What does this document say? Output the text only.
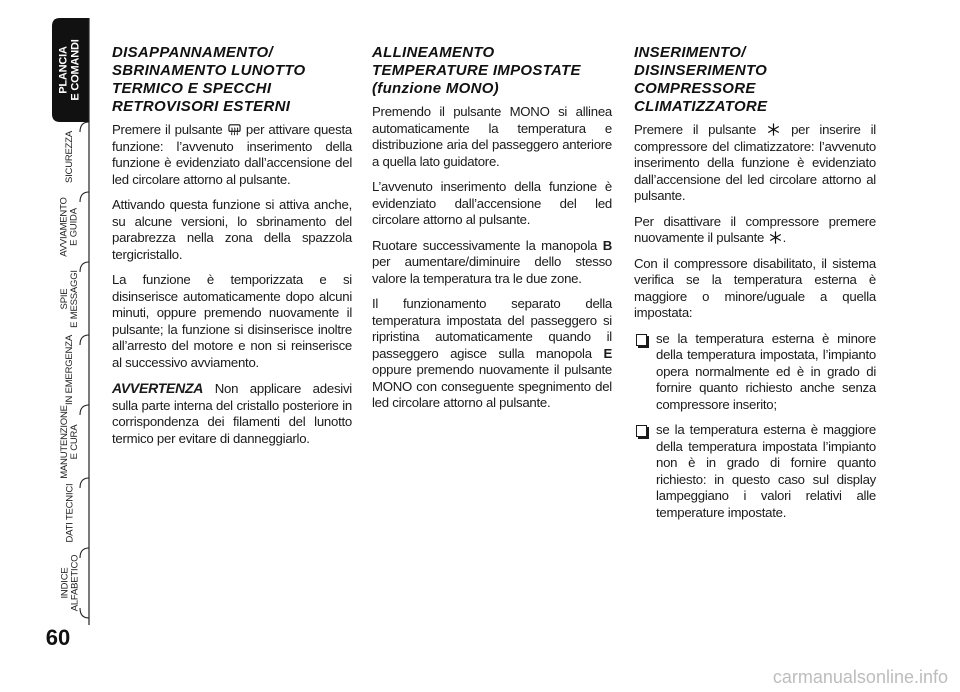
PLANCIA
E COMANDI
SICUREZZA
AVVIAMENTO
E GUIDA
SPIE
E MESSAGGI
IN EMERGENZA
MANUTENZIONE
E CURA
DATI TECNICI
INDICE
ALFABETICO
60
DISAPPANNAMENTO/ SBRINAMENTO LUNOTTO TERMICO E SPECCHI RETROVISORI ESTERNI

Premere il pulsante per attivare questa funzione: l’avvenuto inserimento della funzione è evidenziato dall’accensione del led circolare attorno al pulsante.

Attivando questa funzione si attiva anche, su alcune versioni, lo sbrinamento del parabrezza nella zona della spazzola tergicristallo.

La funzione è temporizzata e si disinserisce automaticamente dopo alcuni minuti, oppure premendo nuovamente il pulsante; la funzione si disinserisce inoltre all’arresto del motore e non si reinserisce al successivo avviamento.

AVVERTENZA Non applicare adesivi sulla parte interna del cristallo posteriore in corrispondenza dei filamenti del lunotto termico per evitare di danneggiarlo.

ALLINEAMENTO TEMPERATURE IMPOSTATE (funzione MONO)

Premendo il pulsante MONO si allinea automaticamente la temperatura e distribuzione aria del passeggero anteriore a quella lato guidatore.

L’avvenuto inserimento della funzione è evidenziato dall’accensione del led circolare attorno al pulsante.

Ruotare successivamente la manopola B per aumentare/diminuire dello stesso valore la temperatura tra le due zone.

Il funzionamento separato della temperatura impostata del passeggero si ripristina automaticamente quando il passeggero agisce sulla manopola E oppure premendo nuovamente il pulsante MONO con conseguente spegnimento del led circolare attorno al pulsante.

INSERIMENTO/ DISINSERIMENTO COMPRESSORE CLIMATIZZATORE

Premere il pulsante	per inserire il compressore del climatizzatore: l’avvenuto inserimento della funzione è evidenziato dall’accensione del led circolare attorno al pulsante.

Per disattivare il compressore premere nuovamente il pulsante .

Con il compressore disabilitato, il sistema verifica se la temperatura esterna è maggiore o minore/uguale a quella impostata:

se la temperatura esterna è minore della temperatura impostata, l’impianto opera normalmente ed è in grado di fornire quanto richiesto anche senza compressore inserito;

se la temperatura esterna è maggiore della temperatura impostata l’impianto non è in grado di fornire quanto richiesto: in questo caso sul display lampeggiano i valori relativi alle temperature impostate.

carmanualsonline.info
